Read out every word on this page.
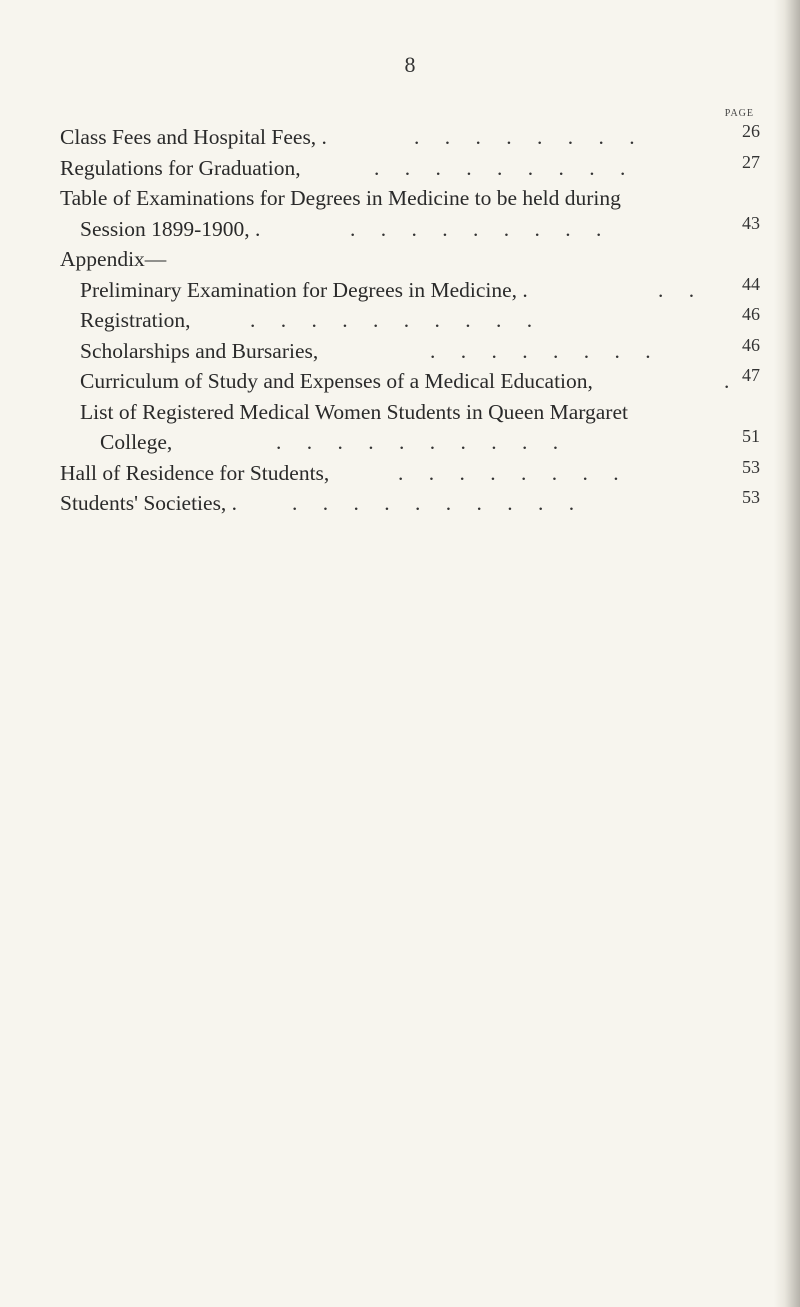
8
PAGE
Class Fees and Hospital Fees, .	. . . . . . . .	26
Regulations for Graduation,	. . . . . . . . .	27
Table of Examinations for Degrees in Medicine to be held during
Session 1899-1900, .	. . . . . . . . .	43
Appendix—
Preliminary Examination for Degrees in Medicine, .	. .	44
Registration,	. . . . . . . . . .	46
Scholarships and Bursaries,	. . . . . . . .	46
Curriculum of Study and Expenses of a Medical Education,	. 47
List of Registered Medical Women Students in Queen Margaret
College,	. . . . . . . . . .	51
Hall of Residence for Students,	. . . . . . . .	53
Students' Societies, .	. . . . . . . . . .	53
